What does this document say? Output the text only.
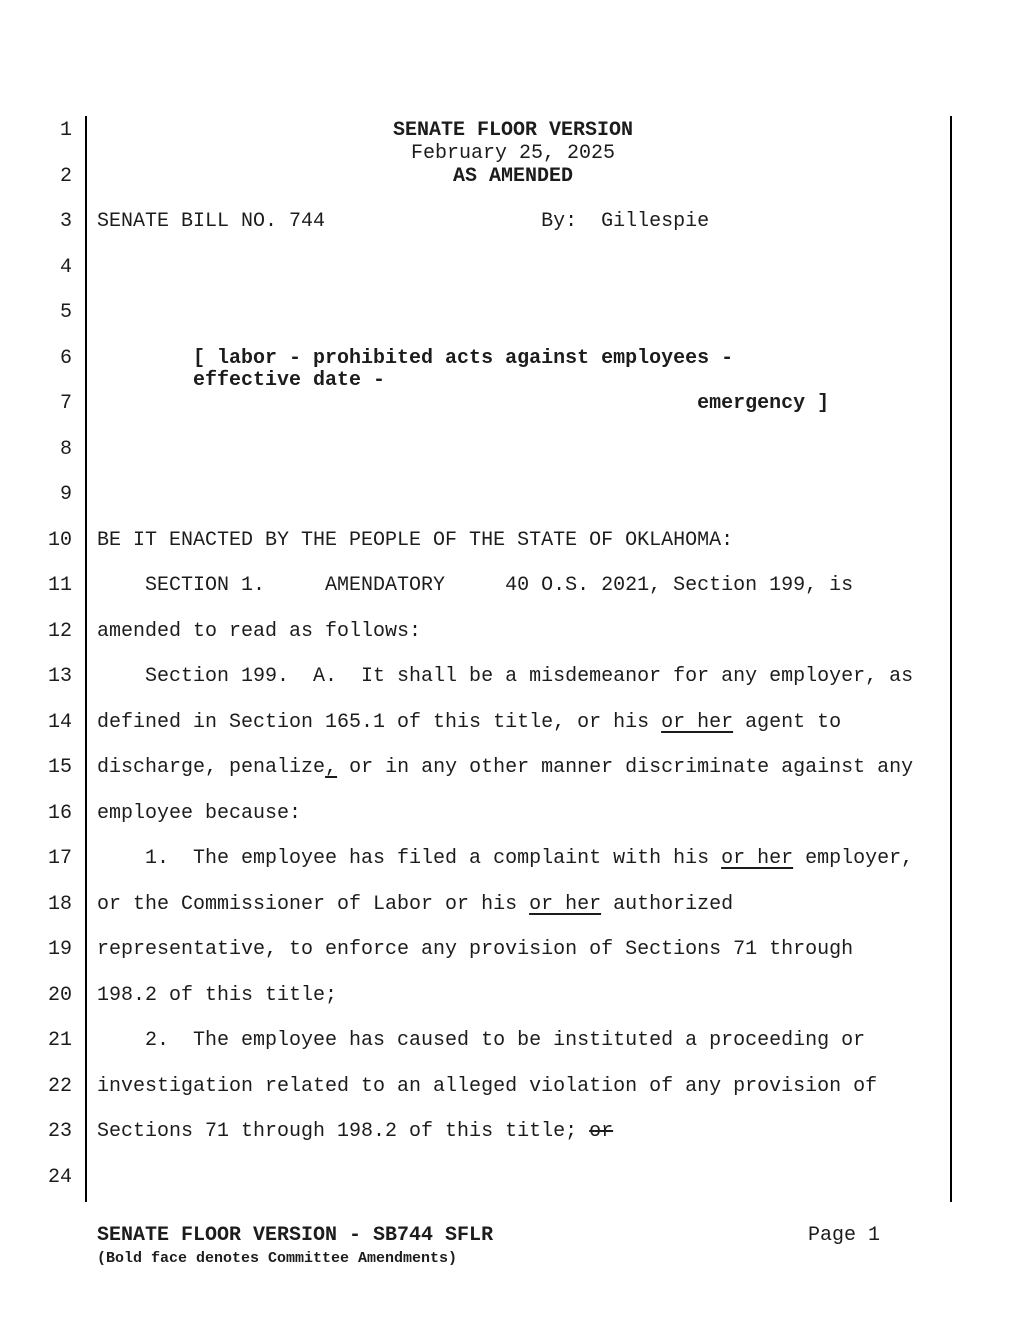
1
2
3
4
5
6
7
8
9
10
11
12
13
14
15
16
17
18
19
20
21
22
23
24
SENATE FLOOR VERSION
February 25, 2025
AS AMENDED
SENATE BILL NO. 744                  By:  Gillespie
[ labor - prohibited acts against employees -
effective date -
emergency ]
BE IT ENACTED BY THE PEOPLE OF THE STATE OF OKLAHOMA:
SECTION 1.     AMENDATORY     40 O.S. 2021, Section 199, is
amended to read as follows:
Section 199.  A.  It shall be a misdemeanor for any employer, as
defined in Section 165.1 of this title, or his or her agent to
discharge, penalize, or in any other manner discriminate against any
employee because:
1.  The employee has filed a complaint with his or her employer,
or the Commissioner of Labor or his or her authorized
representative, to enforce any provision of Sections 71 through
198.2 of this title;
2.  The employee has caused to be instituted a proceeding or
investigation related to an alleged violation of any provision of
Sections 71 through 198.2 of this title; or
SENATE FLOOR VERSION - SB744 SFLR
(Bold face denotes Committee Amendments)
Page 1
